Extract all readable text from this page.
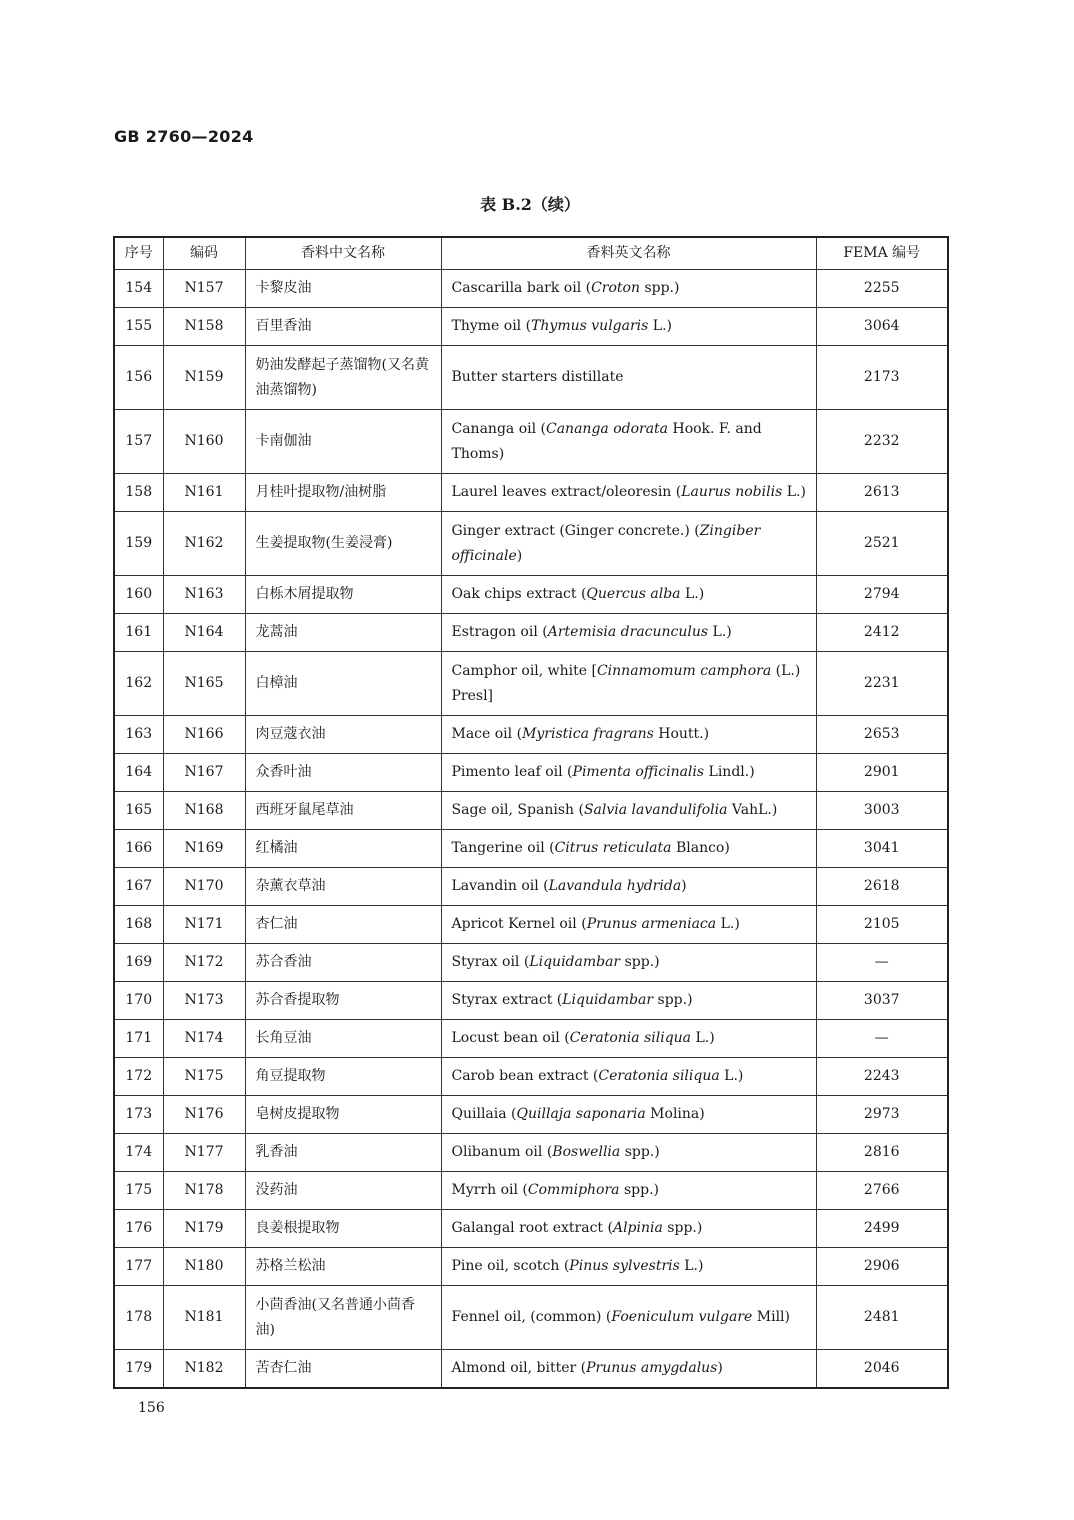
GB 2760—2024
表 B.2（续）
序号	编码	香料中文名称	香料英文名称	FEMA 编号
154	N157	卡黎皮油	Cascarilla bark oil (Croton spp.)	2255
155	N158	百里香油	Thyme oil (Thymus vulgaris L.)	3064
156	N159	奶油发酵起子蒸馏物(又名黄油蒸馏物)	Butter starters distillate	2173
157	N160	卡南伽油	Cananga oil (Cananga odorata Hook. F. and Thoms)	2232
158	N161	月桂叶提取物/油树脂	Laurel leaves extract/oleoresin (Laurus nobilis L.)	2613
159	N162	生姜提取物(生姜浸膏)	Ginger extract (Ginger concrete.) (Zingiber officinale)	2521
160	N163	白栎木屑提取物	Oak chips extract (Quercus alba L.)	2794
161	N164	龙蒿油	Estragon oil (Artemisia dracunculus L.)	2412
162	N165	白樟油	Camphor oil, white [Cinnamomum camphora (L.) Presl]	2231
163	N166	肉豆蔻衣油	Mace oil (Myristica fragrans Houtt.)	2653
164	N167	众香叶油	Pimento leaf oil (Pimenta officinalis Lindl.)	2901
165	N168	西班牙鼠尾草油	Sage oil, Spanish (Salvia lavandulifolia VahL.)	3003
166	N169	红橘油	Tangerine oil (Citrus reticulata Blanco)	3041
167	N170	杂薰衣草油	Lavandin oil (Lavandula hydrida)	2618
168	N171	杏仁油	Apricot Kernel oil (Prunus armeniaca L.)	2105
169	N172	苏合香油	Styrax oil (Liquidambar spp.)	—
170	N173	苏合香提取物	Styrax extract (Liquidambar spp.)	3037
171	N174	长角豆油	Locust bean oil (Ceratonia siliqua L.)	—
172	N175	角豆提取物	Carob bean extract (Ceratonia siliqua L.)	2243
173	N176	皂树皮提取物	Quillaia (Quillaja saponaria Molina)	2973
174	N177	乳香油	Olibanum oil (Boswellia spp.)	2816
175	N178	没药油	Myrrh oil (Commiphora spp.)	2766
176	N179	良姜根提取物	Galangal root extract (Alpinia spp.)	2499
177	N180	苏格兰松油	Pine oil, scotch (Pinus sylvestris L.)	2906
178	N181	小茴香油(又名普通小茴香油)	Fennel oil, (common) (Foeniculum vulgare Mill)	2481
179	N182	苦杏仁油	Almond oil, bitter (Prunus amygdalus)	2046
156
